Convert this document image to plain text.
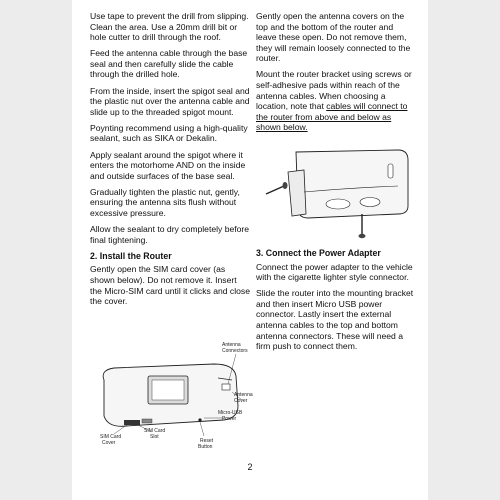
Use tape to prevent the drill from slipping. Clean the area. Use a 20mm drill bit or hole cutter to drill through the roof.

Feed the antenna cable through the base seal and then carefully slide the cable through the drilled hole.

From the inside, insert the spigot seal and the plastic nut over the antenna cable and slide up to the threaded spigot mount.

Poynting recommend using a high-quality sealant, such as SIKA or Dekalin.

Apply sealant around the spigot where it enters the motorhome AND on the inside and outside surfaces of the base seal.

Gradually tighten the plastic nut, gently, ensuring the antenna sits flush without excessive pressure.

Allow the sealant to dry completely before final tightening.

2. Install the Router

Gently open the SIM card cover (as shown below). Do not remove it. Insert the Micro-SIM card until it clicks and close the cover.

Antenna Connectors
Antenna Cover
Micro-USB Power
SIM Card Slot
SIM Card Cover	Reset Button

Gently open the antenna covers on the top and the bottom of the router and leave these open. Do not remove them, they will remain loosely connected to the router.

Mount the router bracket using screws or self-adhesive pads within reach of the antenna cables. When choosing a location, note that cables will connect to the router from above and below as shown below.

3. Connect the Power Adapter

Connect the power adapter to the vehicle with the cigarette lighter style connector.

Slide the router into the mounting bracket and then insert Micro USB power connector. Lastly insert the external antenna cables to the top and bottom antenna connectors. These will need a firm push to connect them.

2
